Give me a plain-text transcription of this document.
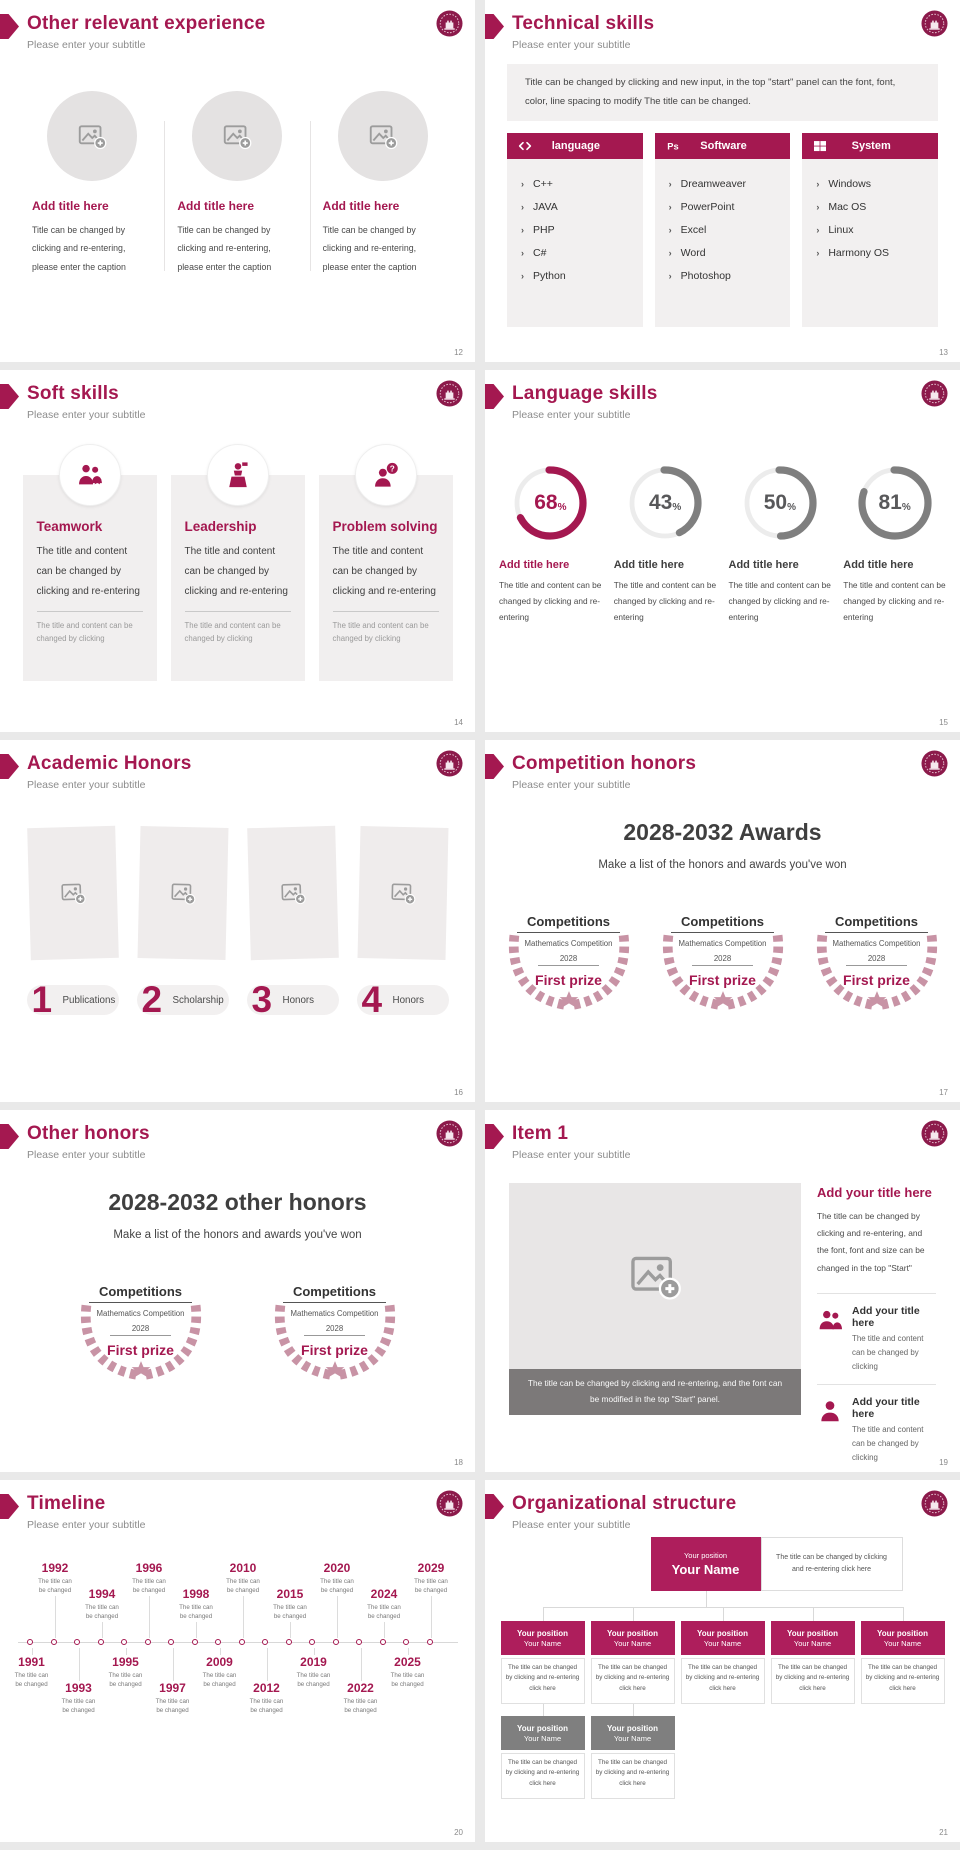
Other relevant experience
Please enter your subtitle
Add title here
Title can be changed by clicking and re-entering, please enter the caption
Add title here
Title can be changed by clicking and re-entering, please enter the caption
Add title here
Title can be changed by clicking and re-entering, please enter the caption
12
Technical skills
Please enter your subtitle
Title can be changed by clicking and new input, in the top "start" panel can the font, font, color, line spacing to modify The title can be changed.
language
› C++
› JAVA
› PHP
› C#
› Python
Software
› Dreamweaver
› PowerPoint
› Excel
› Word
› Photoshop
System
› Windows
› Mac OS
› Linux
› Harmony OS
13
Soft skills
Please enter your subtitle
Teamwork
The title and content can be changed by clicking and re-entering
The title and content can be changed by clicking
Leadership
The title and content can be changed by clicking and re-entering
The title and content can be changed by clicking
Problem solving
The title and content can be changed by clicking and re-entering
The title and content can be changed by clicking
14
Language skills
Please enter your subtitle
68 %
Add title here
The title and content can be changed by clicking and re-entering
43 %
Add title here
The title and content can be changed by clicking and re-entering
50 %
Add title here
The title and content can be changed by clicking and re-entering
81 %
Add title here
The title and content can be changed by clicking and re-entering
15
Academic Honors
Please enter your subtitle
1 Publications 2 Scholarship 3 Honors 4 Honors
16
Competition honors
Please enter your subtitle
2028-2032 Awards
Make a list of the honors and awards you've won
Competitions
Mathematics Competition
2028
First prize
Competitions
Mathematics Competition
2028
First prize
Competitions
Mathematics Competition
2028
First prize
17
Other honors
Please enter your subtitle
2028-2032 other honors
Make a list of the honors and awards you've won
Competitions
Mathematics Competition
2028
First prize
Competitions
Mathematics Competition
2028
First prize
18
Item 1
Please enter your subtitle
The title can be changed by clicking and re-entering, and the font can be modified in the top "Start" panel.
Add your title here
The title can be changed by clicking and re-entering, and the font, font and size can be changed in the top "Start"
Add your title here
The title and content can be changed by clicking
Add your title here
The title and content can be changed by clicking
19
Timeline
Please enter your subtitle
1991
The title can be changed
1992
The title can be changed
1993
The title can be changed
1994
The title can be changed
1995
The title can be changed
1996
The title can be changed
1997
The title can be changed
1998
The title can be changed
2009
The title can be changed
2010
The title can be changed
2012
The title can be changed
2015
The title can be changed
2019
The title can be changed
2020
The title can be changed
2022
The title can be changed
2024
The title can be changed
2025
The title can be changed
2029
The title can be changed
20
Organizational structure
Please enter your subtitle
Your position
Your Name
The title can be changed by clicking and re-entering click here
Your position
Your Name
The title can be changed by clicking and re-entering click here
Your position
Your Name
The title can be changed by clicking and re-entering click here
Your position
Your Name
The title can be changed by clicking and re-entering click here
Your position
Your Name
The title can be changed by clicking and re-entering click here
Your position
Your Name
The title can be changed by clicking and re-entering click here
Your position
Your Name
The title can be changed by clicking and re-entering click here
Your position
Your Name
The title can be changed by clicking and re-entering click here
21
